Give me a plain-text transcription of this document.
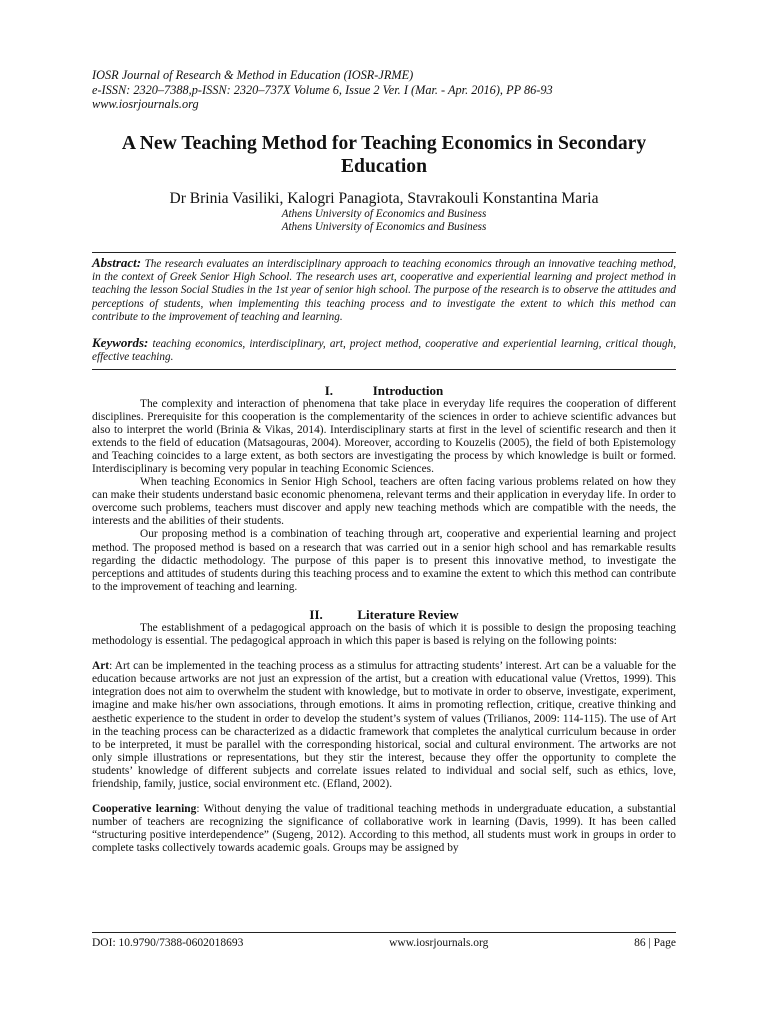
IOSR Journal of Research & Method in Education (IOSR-JRME)
e-ISSN: 2320–7388,p-ISSN: 2320–737X Volume 6, Issue 2 Ver. I (Mar. - Apr. 2016), PP 86-93
www.iosrjournals.org
A New Teaching Method for Teaching Economics in Secondary Education
Dr Brinia Vasiliki, Kalogri Panagiota, Stavrakouli Konstantina Maria
Athens University of Economics and Business
Athens University of Economics and Business

Abstract: The research evaluates an interdisciplinary approach to teaching economics through an innovative teaching method, in the context of Greek Senior High School. The research uses art, cooperative and experiential learning and project method in teaching the lesson Social Studies in the 1st year of senior high school. The purpose of the research is to observe the attitudes and perceptions of students, when implementing this teaching process and to investigate the extent to which this method can contribute to the improvement of teaching and learning.

Keywords: teaching economics, interdisciplinary, art, project method, cooperative and experiential learning, critical though, effective teaching.

I.	Introduction

The complexity and interaction of phenomena that take place in everyday life requires the cooperation of different disciplines. Prerequisite for this cooperation is the complementarity of the sciences in order to achieve scientific advances but also to interpret the world (Brinia & Vikas, 2014). Interdisciplinary starts at first in the level of scientific research and then it extends to the field of education (Matsagouras, 2004). Moreover, according to Kouzelis (2005), the field of both Epistemology and Teaching coincides to a large extent, as both sectors are investigating the process by which knowledge is built or formed. Interdisciplinary is becoming very popular in teaching Economic Sciences.

When teaching Economics in Senior High School, teachers are often facing various problems related on how they can make their students understand basic economic phenomena, relevant terms and their application in everyday life. In order to overcome such problems, teachers must discover and apply new teaching methods which are compatible with the needs, the interests and the abilities of their students.

Our proposing method is a combination of teaching through art, cooperative and experiential learning and project method. The proposed method is based on a research that was carried out in a senior high school and has remarkable results regarding the didactic methodology. The purpose of this paper is to present this innovative method, to investigate the perceptions and attitudes of students during this teaching process and to examine the extent to which this method can contribute to the improvement of teaching and learning.

II.	Literature Review

The establishment of a pedagogical approach on the basis of which it is possible to design the proposing teaching methodology is essential. The pedagogical approach in which this paper is based is relying on the following points:

Art: Art can be implemented in the teaching process as a stimulus for attracting students’ interest. Art can be a valuable for the education because artworks are not just an expression of the artist, but a creation with educational value (Vrettos, 1999). This integration does not aim to overwhelm the student with knowledge, but to motivate in order to observe, investigate, experiment, imagine and make his/her own associations, through emotions. It aims in promoting reflection, critique, creative thinking and aesthetic experience to the student in order to develop the student’s system of values (Trilianos, 2009: 114-115). The use of Art in the teaching process can be characterized as a didactic framework that completes the analytical curriculum because in order to be interpreted, it must be parallel with the corresponding historical, social and cultural environment. The artworks are not only simple illustrations or representations, but they stir the interest, because they offer the opportunity to complete the students’ knowledge of different subjects and correlate issues related to individual and social self, such as ethics, love, friendship, family, justice, social environment etc. (Efland, 2002).

Cooperative learning: Without denying the value of traditional teaching methods in undergraduate education, a substantial number of teachers are recognizing the significance of collaborative work in learning (Davis, 1999). It has been called “structuring positive interdependence” (Sugeng, 2012). According to this method, all students must work in groups in order to complete tasks collectively towards academic goals. Groups may be assigned by

DOI: 10.9790/7388-0602018693	www.iosrjournals.org	86 | Page
